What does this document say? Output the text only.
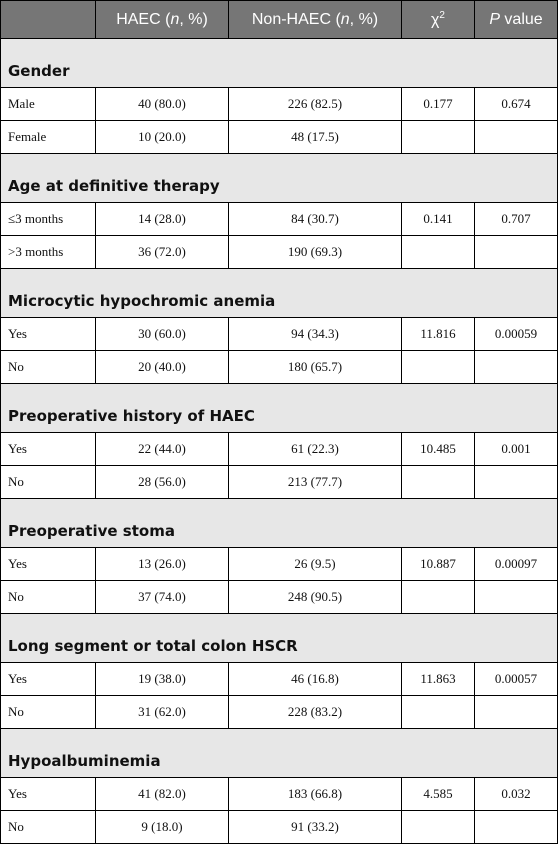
	HAEC (n, %)	Non-HAEC (n, %)	$\chi^2$	P value
Gender				
Male	40 (80.0)	226 (82.5)	0.177	0.674
Female	10 (20.0)	48 (17.5)		
Age at definitive therapy				
≤3 months	14 (28.0)	84 (30.7)	0.141	0.707
>3 months	36 (72.0)	190 (69.3)		
Microcytic hypochromic anemia				
Yes	30 (60.0)	94 (34.3)	11.816	0.00059
No	20 (40.0)	180 (65.7)		
Preoperative history of HAEC				
Yes	22 (44.0)	61 (22.3)	10.485	0.001
No	28 (56.0)	213 (77.7)		
Preoperative stoma				
Yes	13 (26.0)	26 (9.5)	10.887	0.00097
No	37 (74.0)	248 (90.5)		
Long segment or total colon HSCR				
Yes	19 (38.0)	46 (16.8)	11.863	0.00057
No	31 (62.0)	228 (83.2)		
Hypoalbuminemia				
Yes	41 (82.0)	183 (66.8)	4.585	0.032
No	9 (18.0)	91 (33.2)		
